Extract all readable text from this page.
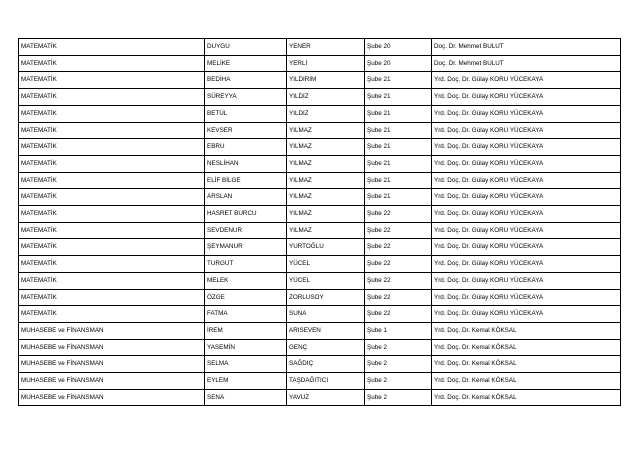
MATEMATİK	DUYGU	YENER	Şube 20	Doç. Dr. Mehmet BULUT
MATEMATİK	MELİKE	YERLİ	Şube 20	Doç. Dr. Mehmet BULUT
MATEMATİK	BEDİHA	YILDIRIM	Şube 21	Yrd. Doç. Dr. Gülay KORU YÜCEKAYA
MATEMATİK	SÜREYYA	YILDIZ	Şube 21	Yrd. Doç. Dr. Gülay KORU YÜCEKAYA
MATEMATİK	BETÜL	YILDIZ	Şube 21	Yrd. Doç. Dr. Gülay KORU YÜCEKAYA
MATEMATİK	KEVSER	YILMAZ	Şube 21	Yrd. Doç. Dr. Gülay KORU YÜCEKAYA
MATEMATİK	EBRU	YILMAZ	Şube 21	Yrd. Doç. Dr. Gülay KORU YÜCEKAYA
MATEMATİK	NESLİHAN	YILMAZ	Şube 21	Yrd. Doç. Dr. Gülay KORU YÜCEKAYA
MATEMATİK	ELİF BİLGE	YILMAZ	Şube 21	Yrd. Doç. Dr. Gülay KORU YÜCEKAYA
MATEMATİK	ARSLAN	YILMAZ	Şube 21	Yrd. Doç. Dr. Gülay KORU YÜCEKAYA
MATEMATİK	HASRET BURCU	YILMAZ	Şube 22	Yrd. Doç. Dr. Gülay KORU YÜCEKAYA
MATEMATİK	SEVDENUR	YILMAZ	Şube 22	Yrd. Doç. Dr. Gülay KORU YÜCEKAYA
MATEMATİK	ŞEYMANUR	YURTOĞLU	Şube 22	Yrd. Doç. Dr. Gülay KORU YÜCEKAYA
MATEMATİK	TURGUT	YÜCEL	Şube 22	Yrd. Doç. Dr. Gülay KORU YÜCEKAYA
MATEMATİK	MELEK	YÜCEL	Şube 22	Yrd. Doç. Dr. Gülay KORU YÜCEKAYA
MATEMATİK	ÖZGE	ZORLUSOY	Şube 22	Yrd. Doç. Dr. Gülay KORU YÜCEKAYA
MATEMATİK	FATMA	SUNA	Şube 22	Yrd. Doç. Dr. Gülay KORU YÜCEKAYA
MUHASEBE ve FİNANSMAN	İREM	ARISEVEN	Şube 1	Yrd. Doç. Dr. Kemal KÖKSAL
MUHASEBE ve FİNANSMAN	YASEMİN	GENÇ	Şube 2	Yrd. Doç. Dr. Kemal KÖKSAL
MUHASEBE ve FİNANSMAN	SELMA	SAĞDIÇ	Şube 2	Yrd. Doç. Dr. Kemal KÖKSAL
MUHASEBE ve FİNANSMAN	EYLEM	TAŞDAĞITICI	Şube 2	Yrd. Doç. Dr. Kemal KÖKSAL
MUHASEBE ve FİNANSMAN	SENA	YAVUZ	Şube 2	Yrd. Doç. Dr. Kemal KÖKSAL
